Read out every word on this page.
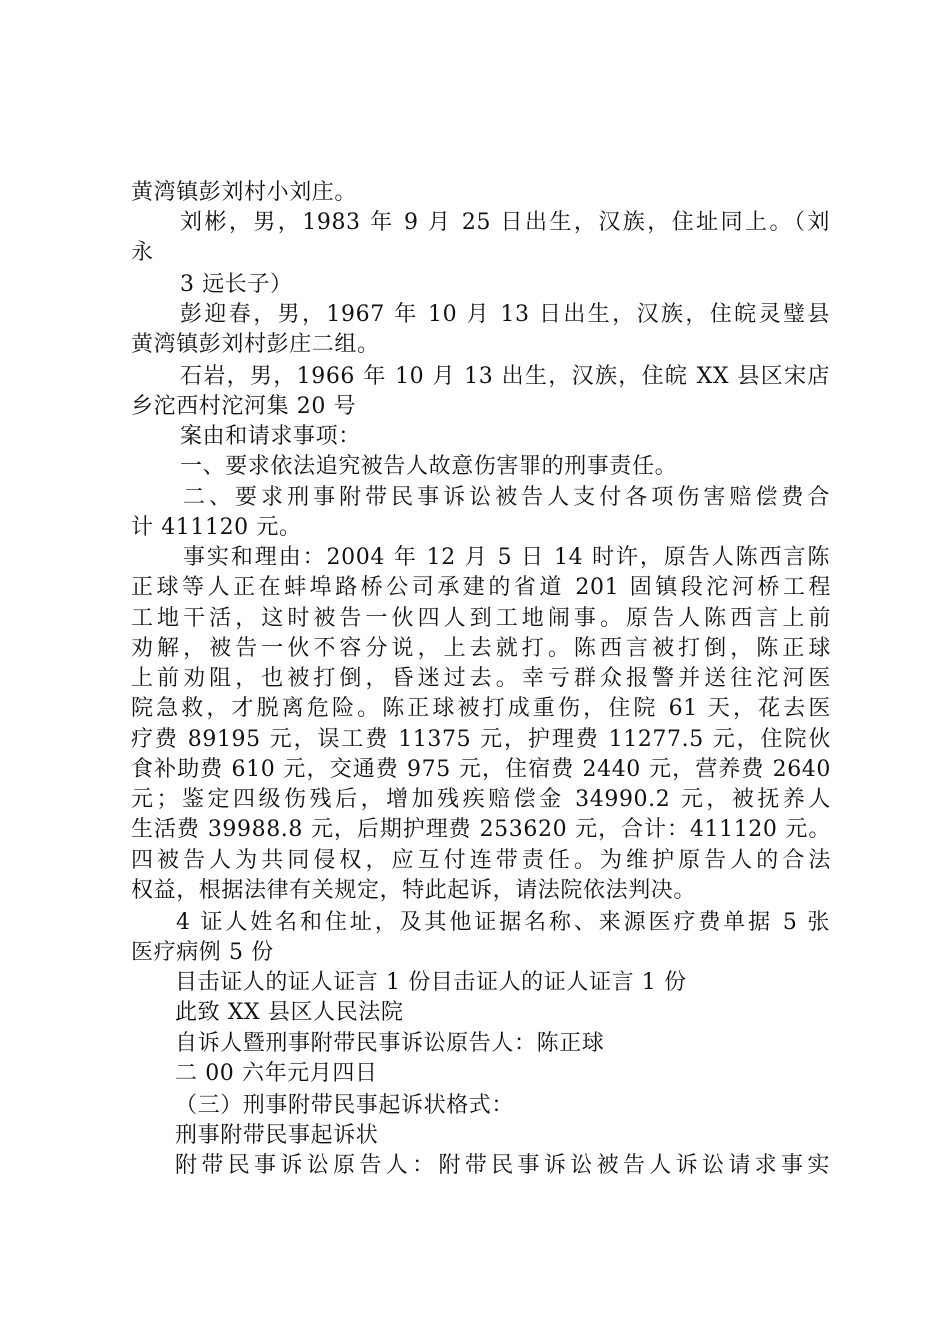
黄湾镇彭刘村小刘庄。
刘彬，男，1983 年 9 月 25 日出生，汉族，住址同上。（刘
永
3 远长子）
彭迎春，男，1967 年 10 月 13 日出生，汉族，住皖灵璧县
黄湾镇彭刘村彭庄二组。
石岩，男，1966 年 10 月 13 出生，汉族，住皖 XX 县区宋店
乡沱西村沱河集 20 号
案由和请求事项：
一、要求依法追究被告人故意伤害罪的刑事责任。
二、要求刑事附带民事诉讼被告人支付各项伤害赔偿费合
计 411120 元。
事实和理由：2004 年 12 月 5 日 14 时许，原告人陈西言陈
正球等人正在蚌埠路桥公司承建的省道 201 固镇段沱河桥工程
工地干活，这时被告一伙四人到工地闹事。原告人陈西言上前
劝解，被告一伙不容分说，上去就打。陈西言被打倒，陈正球
上前劝阻，也被打倒，昏迷过去。幸亏群众报警并送往沱河医
院急救，才脱离危险。陈正球被打成重伤，住院 61 天，花去医
疗费 89195 元，误工费 11375 元，护理费 11277.5 元，住院伙
食补助费 610 元，交通费 975 元，住宿费 2440 元，营养费 2640
元；鉴定四级伤残后，增加残疾赔偿金 34990.2 元，被抚养人
生活费 39988.8 元，后期护理费 253620 元，合计：411120 元。
四被告人为共同侵权，应互付连带责任。为维护原告人的合法
权益，根据法律有关规定，特此起诉，请法院依法判决。
4 证人姓名和住址，及其他证据名称、来源医疗费单据 5 张
医疗病例 5 份
目击证人的证人证言 1 份目击证人的证人证言 1 份
此致 XX 县区人民法院
自诉人暨刑事附带民事诉讼原告人：陈正球
二 00 六年元月四日
（三）刑事附带民事起诉状格式：
刑事附带民事起诉状
附带民事诉讼原告人：附带民事诉讼被告人诉讼请求事实
